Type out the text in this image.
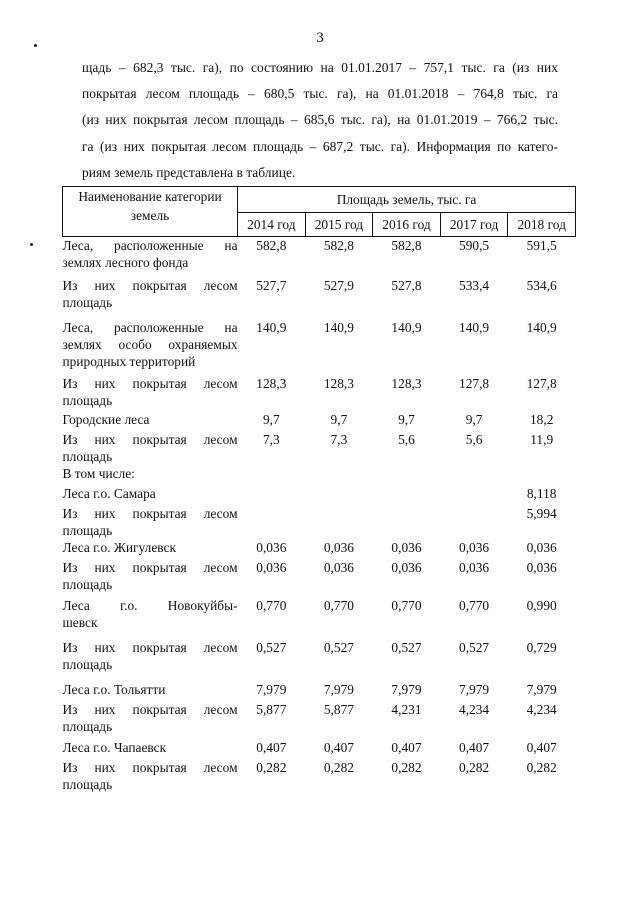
3
щадь – 682,3 тыс. га), по состоянию на 01.01.2017 – 757,1 тыс. га (из них
покрытая лесом площадь – 680,5 тыс. га), на 01.01.2018 – 764,8 тыс. га
(из них покрытая лесом площадь – 685,6 тыс. га), на 01.01.2019 – 766,2 тыс.
га (из них покрытая лесом площадь – 687,2 тыс. га). Информация по катего-
риям земель представлена в таблице.
Наименование категории земель	Площадь земель, тыс. га				
	2014 год	2015 год	2016 год	2017 год	2018 год

Леса, расположенные на
землях лесного фонда	582,8	582,8	582,8	590,5	591,5

Из них покрытая лесом
площадь	527,7	527,9	527,8	533,4	534,6

Леса, расположенные на
землях особо охраняемых
природных территорий	140,9	140,9	140,9	140,9	140,9

Из них покрытая лесом
площадь	128,3	128,3	128,3	127,8	127,8

Городские леса	9,7	9,7	9,7	9,7	18,2

Из них покрытая лесом
площадь	7,3	7,3	5,6	5,6	11,9

В том числе:					

Леса г.о. Самара					8,118

Из них покрытая лесом
площадь					5,994

Леса г.о. Жигулевск	0,036	0,036	0,036	0,036	0,036

Из них покрытая лесом
площадь	0,036	0,036	0,036	0,036	0,036

Леса г.о. Новокуйбы-
шевск	0,770	0,770	0,770	0,770	0,990

Из них покрытая лесом
площадь	0,527	0,527	0,527	0,527	0,729

Леса г.о. Тольятти	7,979	7,979	7,979	7,979	7,979

Из них покрытая лесом
площадь	5,877	5,877	4,231	4,234	4,234

Леса г.о. Чапаевск	0,407	0,407	0,407	0,407	0,407

Из них покрытая лесом
площадь	0,282	0,282	0,282	0,282	0,282
